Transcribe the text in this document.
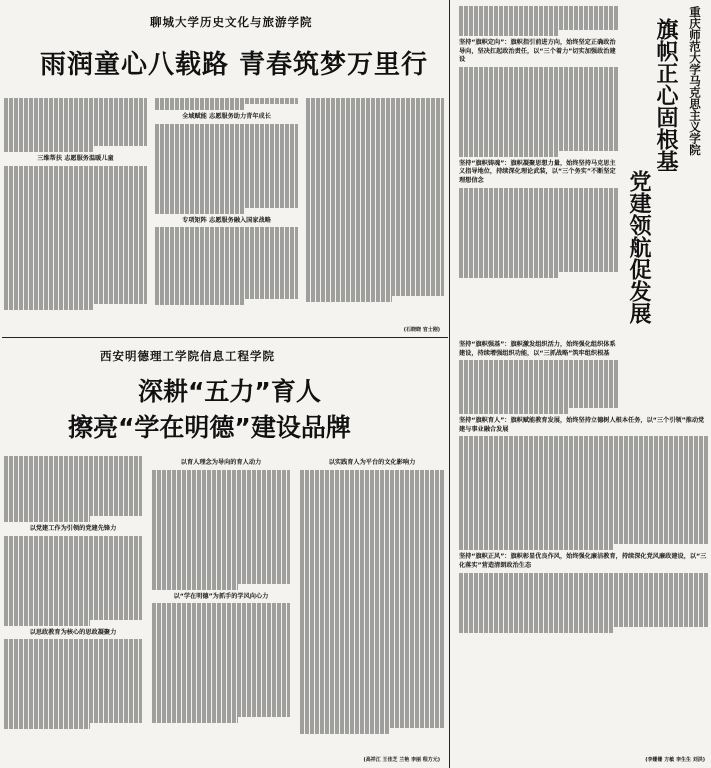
聊城大学历史文化与旅游学院
雨润童心八载路 青春筑梦万里行
三维帮扶 志愿服务温暖儿童
全域赋能 志愿服务助力青年成长
专项矩阵 志愿服务融入国家战略
(石晓晓 官士刚)
西安明德理工学院信息工程学院
深耕“五力”育人
擦亮“学在明德”建设品牌
以党建工作为引领的党建先锋力
以思政教育为核心的思政凝聚力
以育人理念为导向的育人动力
以“学在明德”为抓手的学风向心力
以实践育人为平台的文化影响力
(高祥江 王佳芝 兰艳 李丽 程方元)
重庆师范大学马克思主义学院
旗帜正心固根基
党建领航促发展
坚持“旗帜定向”：旗帜指引前进方向，始终坚定正确政治导向，坚决扛起政治责任，以“三个着力”切实加强政治建设
坚持“旗帜铸魂”：旗帜凝聚思想力量，始终坚持马克思主义指导地位，持续深化理论武装，以“三个务实”不断坚定理想信念
坚持“旗帜强基”：旗帜激发组织活力，始终强化组织体系建设，持续增强组织功能，以“三抓战略”筑牢组织根基
坚持“旗帜育人”：旗帜赋能教育发展，始终坚持立德树人根本任务，以“三个引领”推动党建与事业融合发展
坚持“旗帜正风”：旗帜彰显优良作风，始终强化廉洁教育，持续深化党风廉政建设，以“三化落实”营造清朗政治生态
(李姗姗 方敏 李生生 刘洪)
